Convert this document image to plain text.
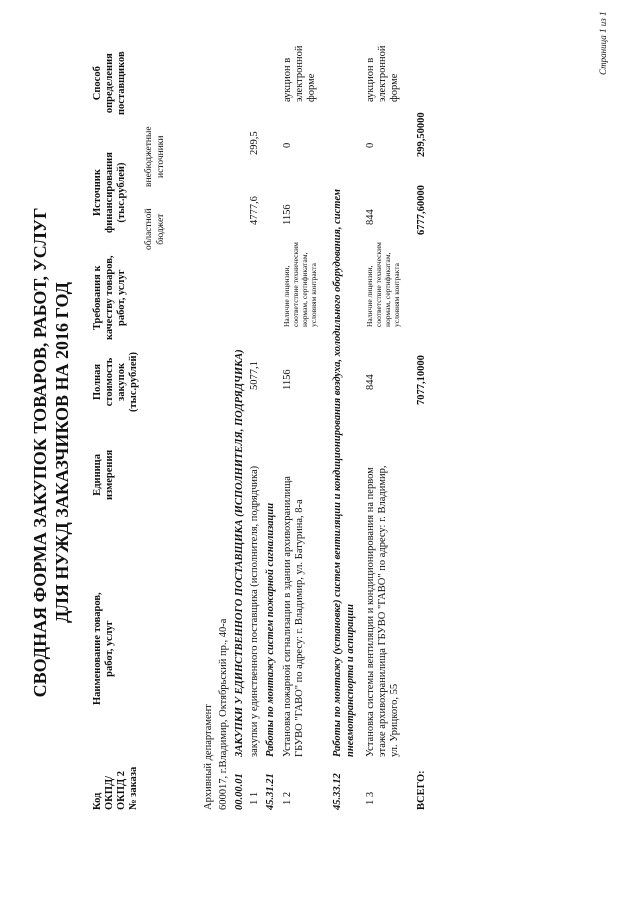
СВОДНАЯ ФОРМА ЗАКУПОК ТОВАРОВ, РАБОТ, УСЛУГ ДЛЯ НУЖД ЗАКАЗЧИКОВ НА 2016 ГОД
Код
ОКПД/
ОКПД 2
№ заказа
Наименование товаров,
работ, услуг
Единица
измерения
Полная
стоимость
закупок
(тыс.рублей)
Требования к
качеству товаров,
работ, услуг
Источник
финансирования
(тыс.рублей)
областной
бюджет
внебюджетные
источники
Способ
определения
поставщиков
Архивный департамент 600017, г.Владимир, Октябрьский пр., 40-а 00.00.01
ЗАКУПКИ У ЕДИНСТВЕННОГО ПОСТАВЩИКА (ИСПОЛНИТЕЛЯ, ПОДРЯДЧИКА)
1 1
закупки у единственного поставщика (исполнителя, подрядчика)
5077,1
4777,6
299,5
45.31.21
Работы по монтажу систем пожарной сигнализации
1 2
Установка пожарной сигнализации в здании архивохранилища
ГБУВО "ГАВО" по адресу: г. Владимир, ул. Батурина, 8-а
1156
Наличие лицензии,
соответствие техническим
нормам, сертификатам,
условиям контракта
1156
0
аукцион в
электронной
форме
45.33.12
Работы по монтажу (установке) систем вентиляции и кондиционирования воздуха, холодильного оборудования, систем пневмотранспорта и аспирации
1 3
Установка системы вентиляции и кондиционирования на первом
этаже архивохранилища ГБУВО "ГАВО" по адресу: г. Владимир,
ул. Урицкого, 55
844
Наличие лицензии,
соответствие техническим
нормам, сертификатам,
условиям контракта
844
0
аукцион в
электронной
форме
ВСЕГО:
7077,10000
6777,60000
299,50000
Страница 1 из 1
